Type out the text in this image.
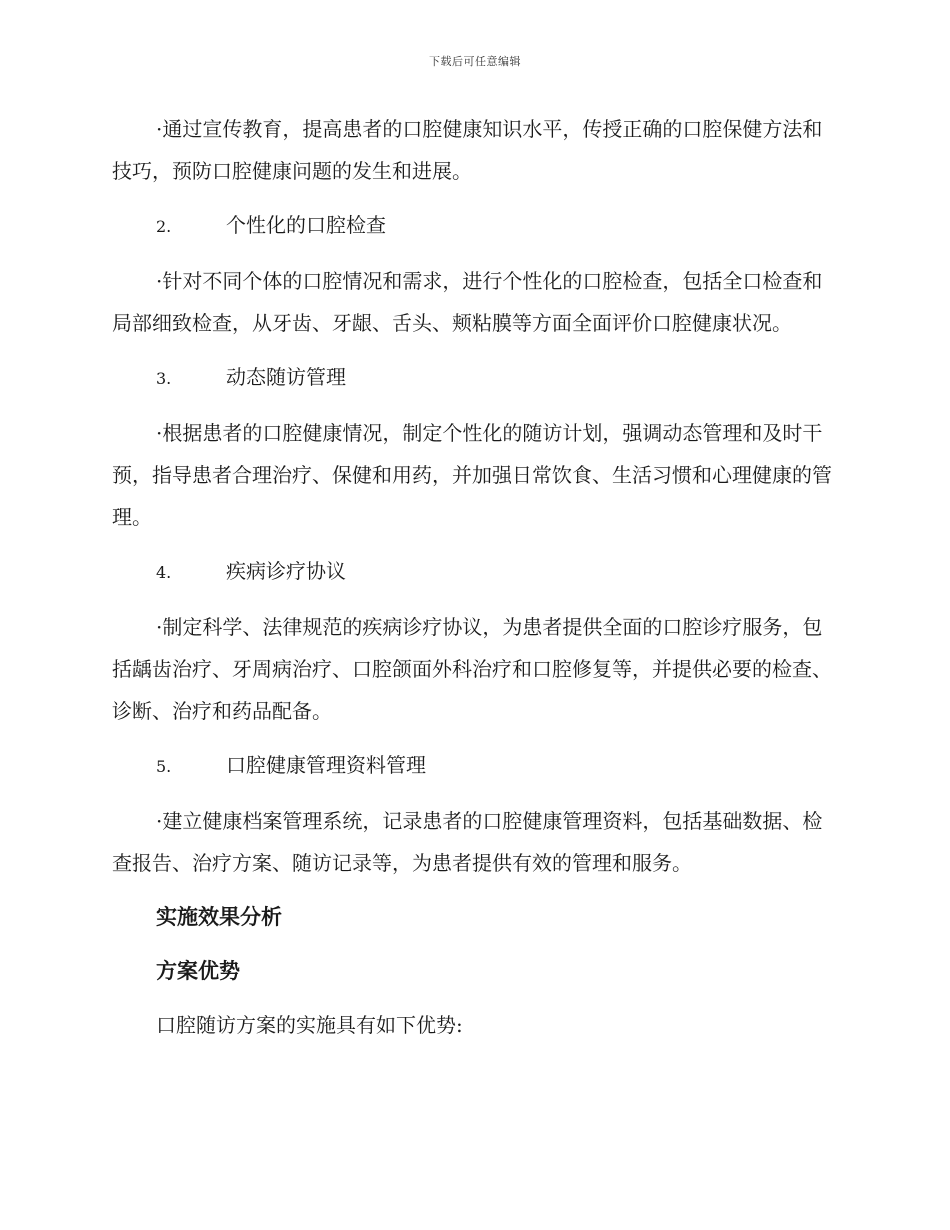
下载后可任意编辑

·通过宣传教育，提高患者的口腔健康知识水平，传授正确的口腔保健方法和技巧，预防口腔健康问题的发生和进展。

2.	个性化的口腔检查

·针对不同个体的口腔情况和需求，进行个性化的口腔检查，包括全口检查和局部细致检查，从牙齿、牙龈、舌头、颊粘膜等方面全面评价口腔健康状况。

3.	动态随访管理

·根据患者的口腔健康情况，制定个性化的随访计划，强调动态管理和及时干预，指导患者合理治疗、保健和用药，并加强日常饮食、生活习惯和心理健康的管理。

4.	疾病诊疗协议

·制定科学、法律规范的疾病诊疗协议，为患者提供全面的口腔诊疗服务，包括龋齿治疗、牙周病治疗、口腔颌面外科治疗和口腔修复等，并提供必要的检查、诊断、治疗和药品配备。

5.	口腔健康管理资料管理

·建立健康档案管理系统，记录患者的口腔健康管理资料，包括基础数据、检查报告、治疗方案、随访记录等，为患者提供有效的管理和服务。

实施效果分析
方案优势

口腔随访方案的实施具有如下优势:
